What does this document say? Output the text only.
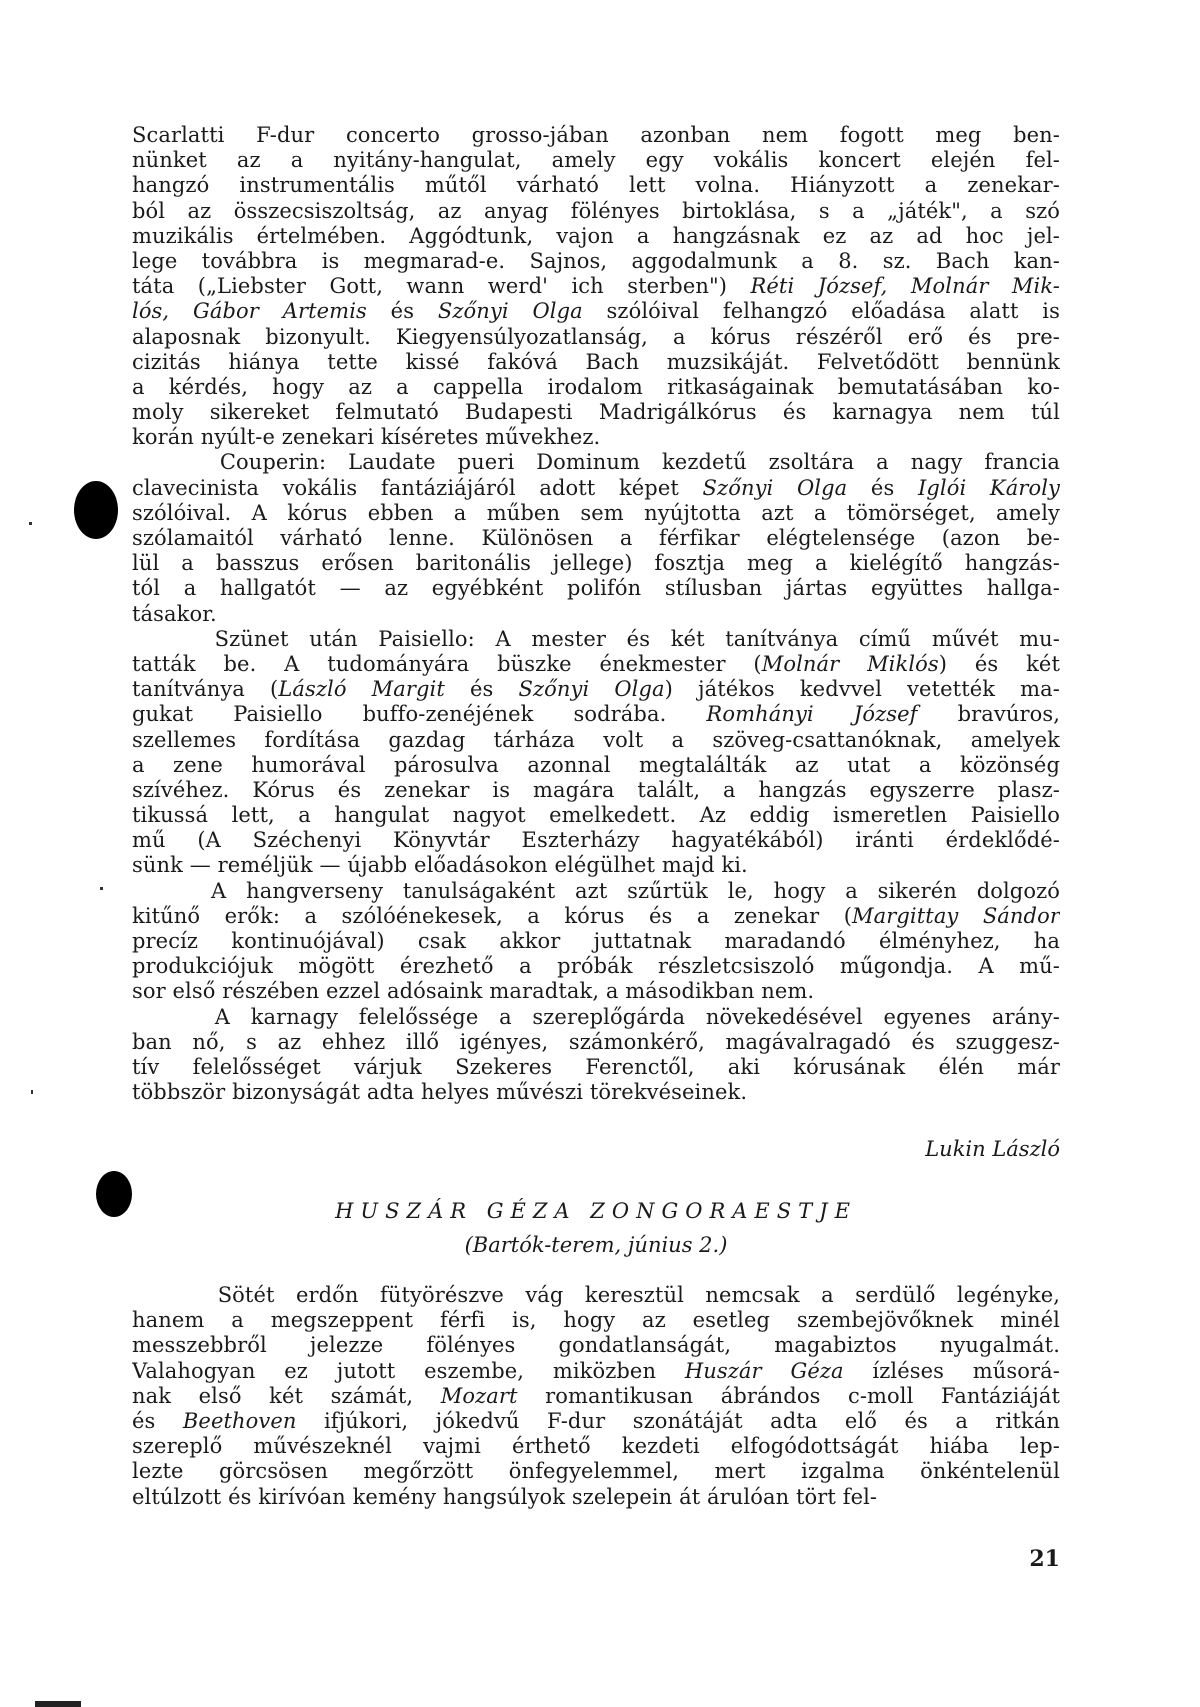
Scarlatti F-dur concerto grosso-jában azonban nem fogott meg ben-
nünket az a nyitány-hangulat, amely egy vokális koncert elején fel-
hangzó instrumentális műtől várható lett volna. Hiányzott a zenekar-
ból az összecsiszoltság, az anyag fölényes birtoklása, s a „játék", a szó
muzikális értelmében. Aggódtunk, vajon a hangzásnak ez az ad hoc jel-
lege továbbra is megmarad-e. Sajnos, aggodalmunk a 8. sz. Bach kan-
táta („Liebster Gott, wann werd' ich sterben") Réti József, Molnár Mik-
lós, Gábor Artemis és Szőnyi Olga szólóival felhangzó előadása alatt is
alaposnak bizonyult. Kiegyensúlyozatlanság, a kórus részéről erő és pre-
cizitás hiánya tette kissé fakóvá Bach muzsikáját. Felvetődött bennünk
a kérdés, hogy az a cappella irodalom ritkaságainak bemutatásában ko-
moly sikereket felmutató Budapesti Madrigálkórus és karnagya nem túl
korán nyúlt-e zenekari kíséretes művekhez.
Couperin: Laudate pueri Dominum kezdetű zsoltára a nagy francia
clavecinista vokális fantáziájáról adott képet Szőnyi Olga és Iglói Károly
szólóival. A kórus ebben a műben sem nyújtotta azt a tömörséget, amely
szólamaitól várható lenne. Különösen a férfikar elégtelensége (azon be-
lül a basszus erősen baritonális jellege) fosztja meg a kielégítő hangzás-
tól a hallgatót — az egyébként polifón stílusban jártas együttes hallga-
tásakor.
Szünet után Paisiello: A mester és két tanítványa című művét mu-
tatták be. A tudományára büszke énekmester (Molnár Miklós) és két
tanítványa (László Margit és Szőnyi Olga) játékos kedvvel vetették ma-
gukat Paisiello buffo-zenéjének sodrába. Romhányi József bravúros,
szellemes fordítása gazdag tárháza volt a szöveg-csattanóknak, amelyek
a zene humorával párosulva azonnal megtalálták az utat a közönség
szívéhez. Kórus és zenekar is magára talált, a hangzás egyszerre plasz-
tikussá lett, a hangulat nagyot emelkedett. Az eddig ismeretlen Paisiello
mű (A Széchenyi Könyvtár Eszterházy hagyatékából) iránti érdeklődé-
sünk — reméljük — újabb előadásokon elégülhet majd ki.
A hangverseny tanulságaként azt szűrtük le, hogy a sikerén dolgozó
kitűnő erők: a szólóénekesek, a kórus és a zenekar (Margittay Sándor
precíz kontinuójával) csak akkor juttatnak maradandó élményhez, ha
produkciójuk mögött érezhető a próbák részletcsiszoló műgondja. A mű-
sor első részében ezzel adósaink maradtak, a másodikban nem.
A karnagy felelőssége a szereplőgárda növekedésével egyenes arány-
ban nő, s az ehhez illő igényes, számonkérő, magávalragadó és szuggesz-
tív felelősséget várjuk Szekeres Ferenctől, aki kórusának élén már
többször bizonyságát adta helyes művészi törekvéseinek.
Lukin László
HUSZÁR GÉZA ZONGORAESTJE
(Bartók-terem, június 2.)
Sötét erdőn fütyörészve vág keresztül nemcsak a serdülő legényke,
hanem a megszeppent férfi is, hogy az esetleg szembejövőknek minél
messzebbről jelezze fölényes gondatlanságát, magabiztos nyugalmát.
Valahogyan ez jutott eszembe, miközben Huszár Géza ízléses műsorá-
nak első két számát, Mozart romantikusan ábrándos c-moll Fantáziáját
és Beethoven ifjúkori, jókedvű F-dur szonátáját adta elő és a ritkán
szereplő művészeknél vajmi érthető kezdeti elfogódottságát hiába lep-
lezte görcsösen megőrzött önfegyelemmel, mert izgalma önkéntelenül
eltúlzott és kirívóan kemény hangsúlyok szelepein át árulóan tört fel-
21
